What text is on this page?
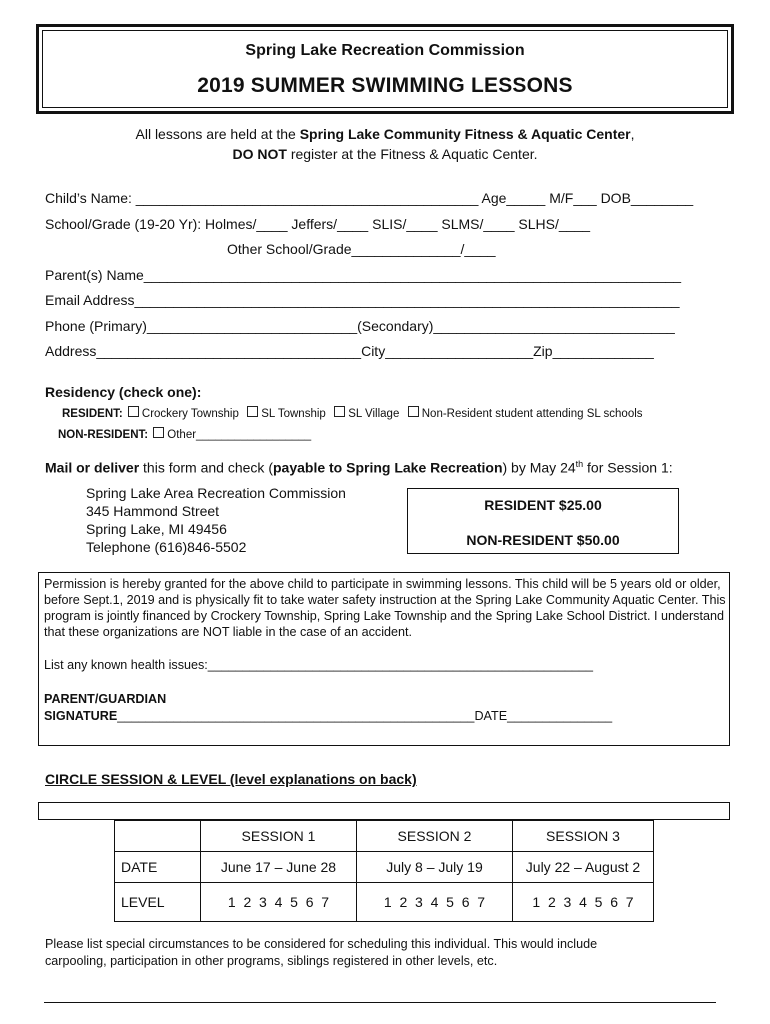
Spring Lake Recreation Commission
2019 SUMMER SWIMMING LESSONS
All lessons are held at the Spring Lake Community Fitness & Aquatic Center,
DO NOT register at the Fitness & Aquatic Center.
Child’s Name: ____________________________________________ Age_____ M/F___ DOB________
School/Grade (19-20 Yr): Holmes/____ Jeffers/____ SLIS/____ SLMS/____ SLHS/____
Other School/Grade______________/____
Parent(s) Name_____________________________________________________________________
Email Address______________________________________________________________________
Phone (Primary)___________________________(Secondary)_______________________________
Address__________________________________City___________________Zip_____________
Residency (check one):
RESIDENT: Crockery Township SL Township SL Village Non-Resident student attending SL schools
NON-RESIDENT: Other__________________
Mail or deliver this form and check (payable to Spring Lake Recreation) by May 24th for Session 1:
Spring Lake Area Recreation Commission
345 Hammond Street
Spring Lake, MI 49456
Telephone (616)846-5502
RESIDENT $25.00
NON-RESIDENT $50.00
Permission is hereby granted for the above child to participate in swimming lessons. This child will be 5 years old or older, before Sept.1, 2019 and is physically fit to take water safety instruction at the Spring Lake Community Aquatic Center. This program is jointly financed by Crockery Township, Spring Lake Township and the Spring Lake School District. I understand that these organizations are NOT liable in the case of an accident.
List any known health issues:_______________________________________________________
PARENT/GUARDIAN
SIGNATURE___________________________________________________DATE_______________
CIRCLE SESSION & LEVEL (level explanations on back)
	SESSION 1	SESSION 2	SESSION 3
DATE	June 17 – June 28	July 8 – July 19	July 22 – August 2
LEVEL	1  2  3  4  5  6  7	1  2  3  4  5  6  7	1  2  3  4  5  6  7
Please list special circumstances to be considered for scheduling this individual. This would include
carpooling, participation in other programs, siblings registered in other levels, etc.
